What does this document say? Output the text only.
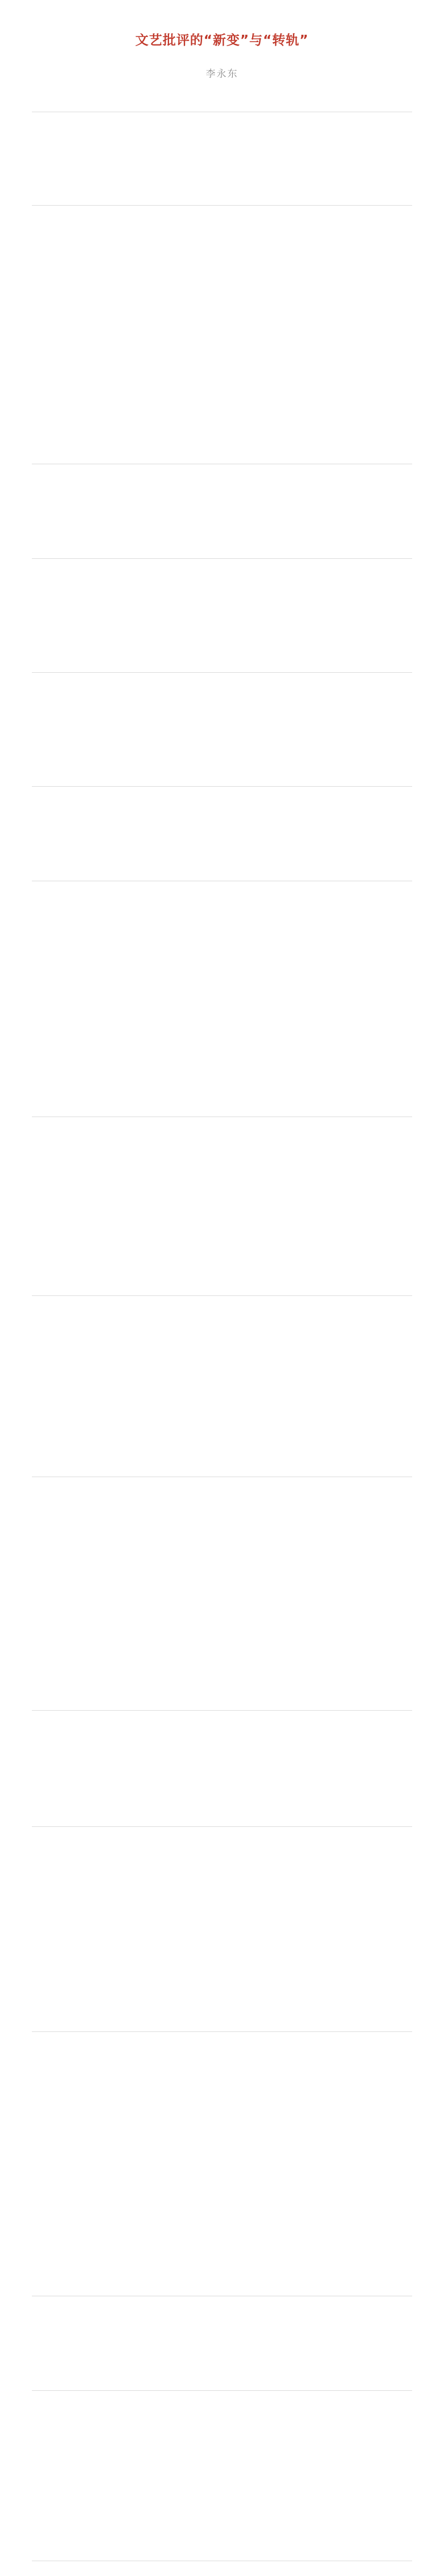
文艺批评的“新变”与“转轨”

李永东
